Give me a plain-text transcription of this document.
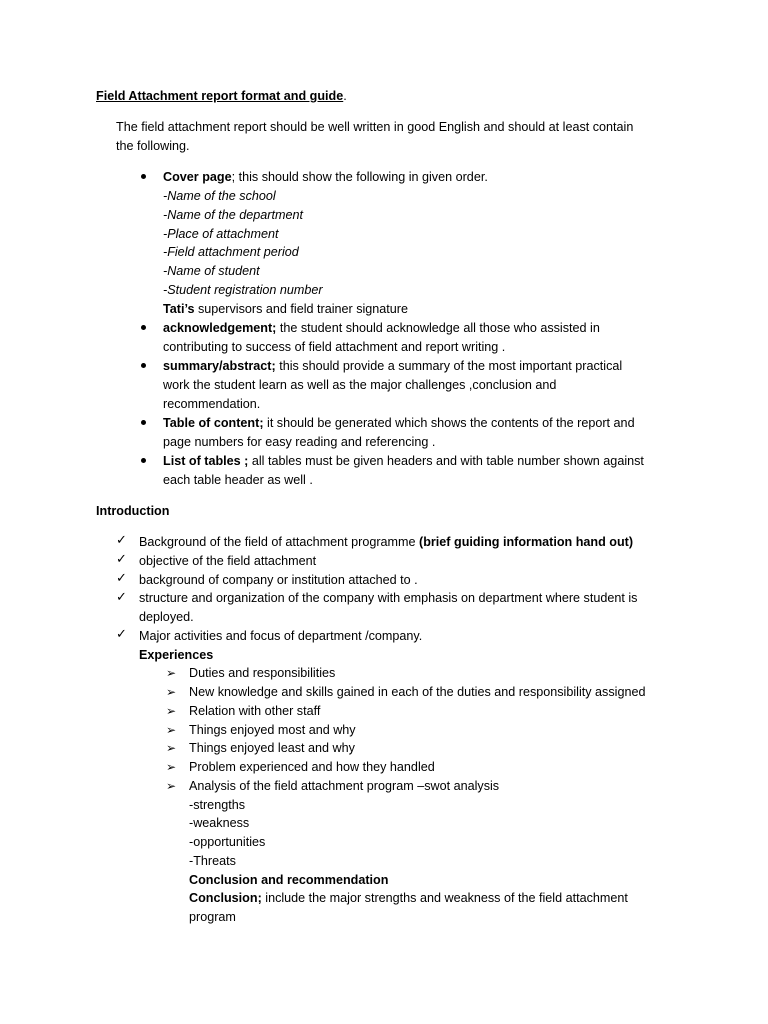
Field Attachment report format and guide.
The field attachment report should be well written in good English and should at least contain
the following.
Cover page; this should show the following in given order.
-Name of the school
-Name of the department
-Place of attachment
-Field attachment period
-Name of student
-Student registration number
Tati’s supervisors and field trainer signature
acknowledgement; the student should acknowledge all those who assisted in
contributing to success of field attachment and report writing .
summary/abstract; this should provide a summary of the most important practical
work the student learn as well as the major challenges ,conclusion and
recommendation.
Table of content; it should be generated which shows the contents of the report and
page numbers for easy reading and referencing .
List of tables ; all tables must be given headers and with table number shown against
each table header as well .
Introduction
✓ Background of the field of attachment programme (brief guiding information hand out)
✓ objective of the field attachment
✓ background of company or institution attached to .
✓ structure and organization of the company with emphasis on department where student is
deployed.
✓ Major activities and focus of department /company.
Experiences
➢ Duties and responsibilities
➢ New knowledge and skills gained in each of the duties and responsibility assigned
➢ Relation with other staff
➢ Things enjoyed most and why
➢ Things enjoyed least and why
➢ Problem experienced and how they handled
➢ Analysis of the field attachment program –swot analysis
-strengths
-weakness
-opportunities
-Threats
Conclusion and recommendation
Conclusion; include the major strengths and weakness of the field attachment
program
